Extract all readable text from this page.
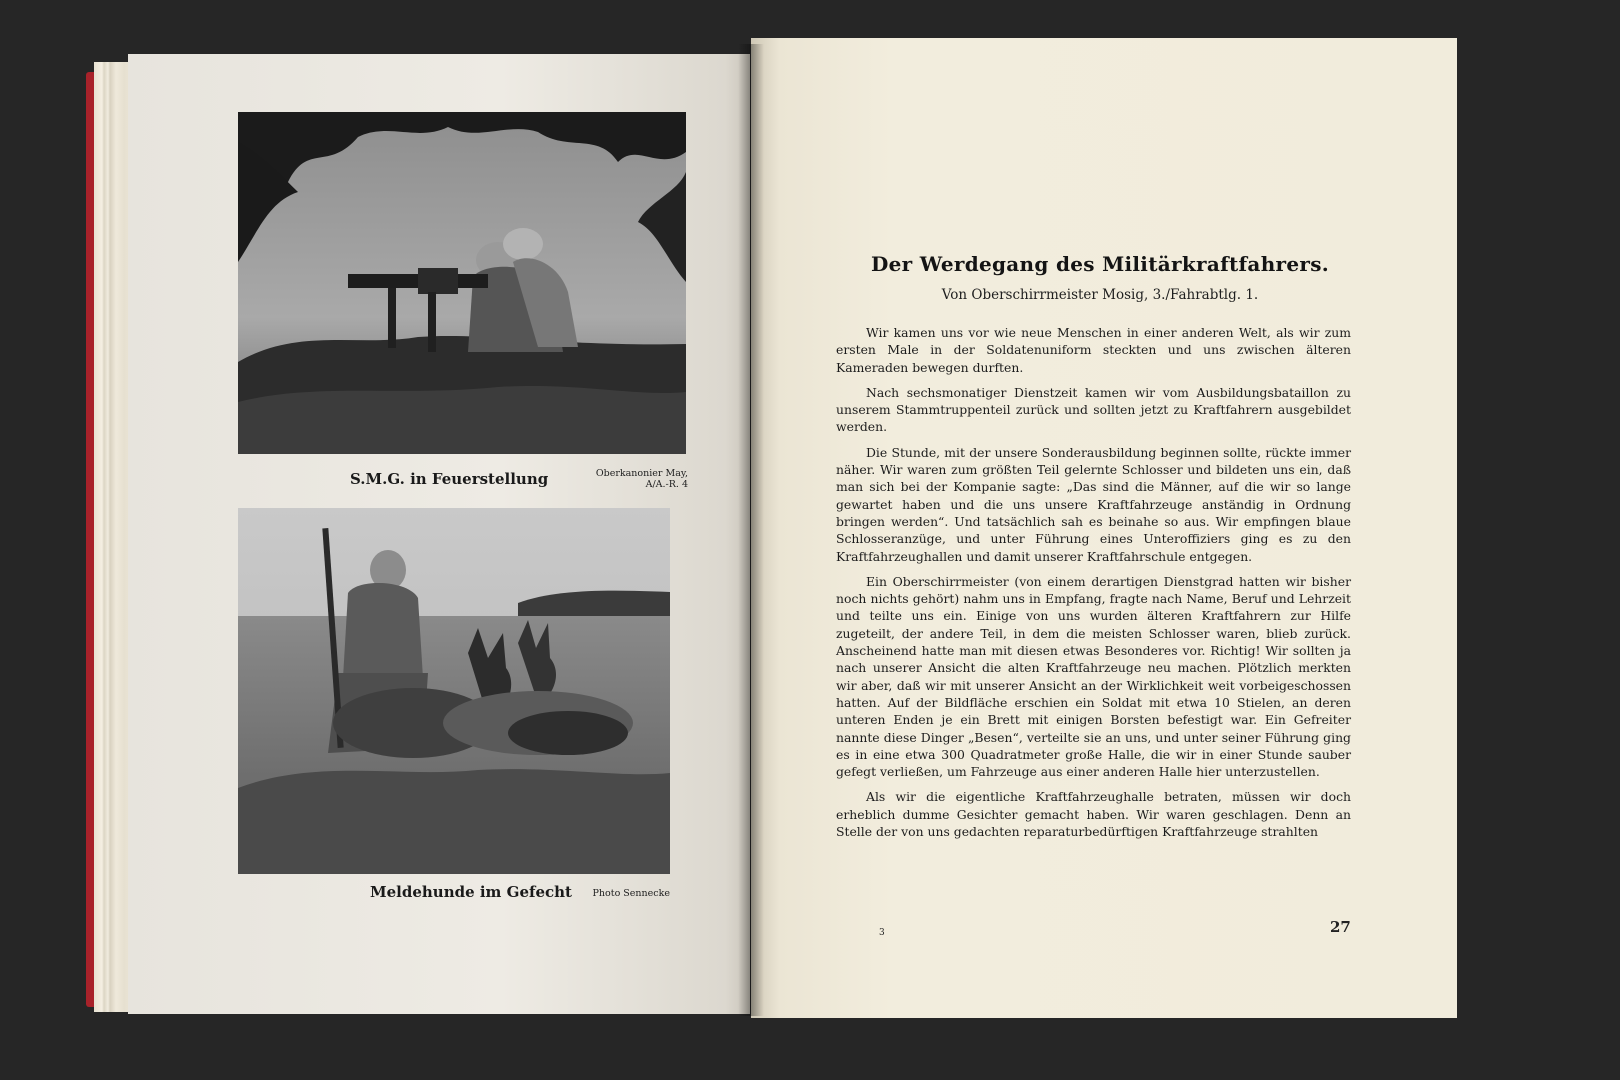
S.M.G. in Feuerstellung	Oberkanonier May,
A/A.-R. 4
Meldehunde im Gefecht	Photo Sennecke
Der Werdegang des Militärkraftfahrers.
Von Oberschirrmeister Mosig, 3./Fahrabtlg. 1.

Wir kamen uns vor wie neue Menschen in einer anderen Welt, als wir zum ersten Male in der Soldatenuniform steckten und uns zwischen älteren Kameraden bewegen durften.

Nach sechsmonatiger Dienstzeit kamen wir vom Ausbildungsbataillon zu unserem Stammtruppenteil zurück und sollten jetzt zu Kraftfahrern ausgebildet werden.

Die Stunde, mit der unsere Sonderausbildung beginnen sollte, rückte immer näher. Wir waren zum größten Teil gelernte Schlosser und bildeten uns ein, daß man sich bei der Kompanie sagte: „Das sind die Männer, auf die wir so lange gewartet haben und die uns unsere Kraftfahrzeuge anständig in Ordnung bringen werden“. Und tatsächlich sah es beinahe so aus. Wir empfingen blaue Schlosseranzüge, und unter Führung eines Unteroffiziers ging es zu den Kraftfahrzeughallen und damit unserer Kraftfahrschule entgegen.

Ein Oberschirrmeister (von einem derartigen Dienstgrad hatten wir bisher noch nichts gehört) nahm uns in Empfang, fragte nach Name, Beruf und Lehrzeit und teilte uns ein. Einige von uns wurden älteren Kraftfahrern zur Hilfe zugeteilt, der andere Teil, in dem die meisten Schlosser waren, blieb zurück. Anscheinend hatte man mit diesen etwas Besonderes vor. Richtig! Wir sollten ja nach unserer Ansicht die alten Kraftfahrzeuge neu machen. Plötzlich merkten wir aber, daß wir mit unserer Ansicht an der Wirklichkeit weit vorbeigeschossen hatten. Auf der Bildfläche erschien ein Soldat mit etwa 10 Stielen, an deren unteren Enden je ein Brett mit einigen Borsten befestigt war. Ein Gefreiter nannte diese Dinger „Besen“, verteilte sie an uns, und unter seiner Führung ging es in eine etwa 300 Quadratmeter große Halle, die wir in einer Stunde sauber gefegt verließen, um Fahrzeuge aus einer anderen Halle hier unterzustellen.

Als wir die eigentliche Kraftfahrzeughalle betraten, müssen wir doch erheblich dumme Gesichter gemacht haben. Wir waren geschlagen. Denn an Stelle der von uns gedachten reparaturbedürftigen Kraftfahrzeuge strahlten

3	27
